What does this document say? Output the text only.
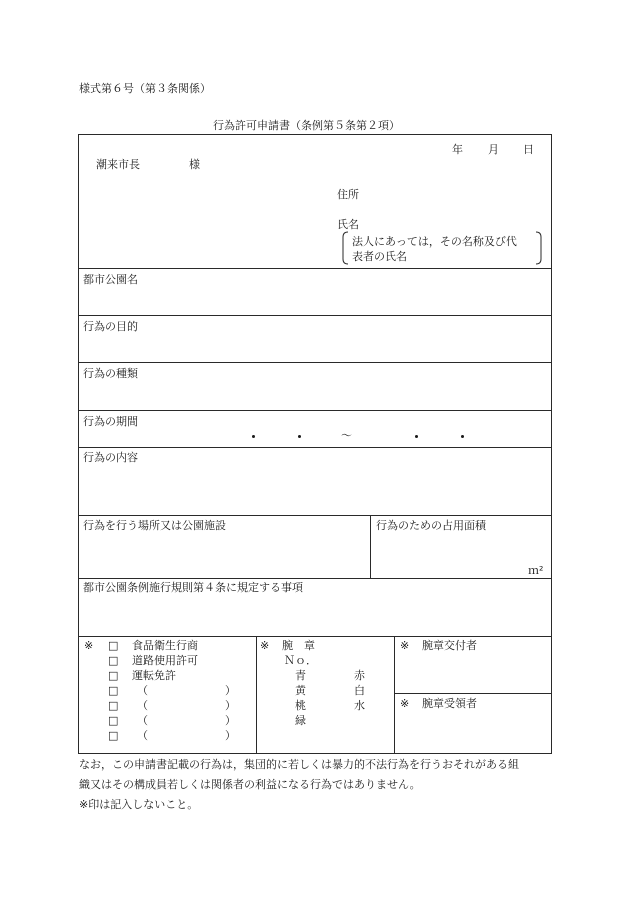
様式第６号（第３条関係）
行為許可申請書（条例第５条第２項）
年 月 日
潮来市長	様
住所
氏名
法人にあっては，その名称及び代
表者の氏名
都市公園名
行為の目的
行為の種類
行為の期間
～
行為の内容
行為を行う場所又は公園施設	行為のための占用面積
ｍ²
都市公園条例施行規則第４条に規定する事項
※ □ 食品衛生行商
□ 道路使用許可
□ 運転免許
□ （	）
□ （	）
□ （	）
□ （	）
※ 腕　章
Ｎｏ．
青	赤
黄	白
桃	水
緑
※ 腕章交付者
※ 腕章受領者
なお，この申請書記載の行為は，集団的に若しくは暴力的不法行為を行うおそれがある組
織又はその構成員若しくは関係者の利益になる行為ではありません。
※印は記入しないこと。
